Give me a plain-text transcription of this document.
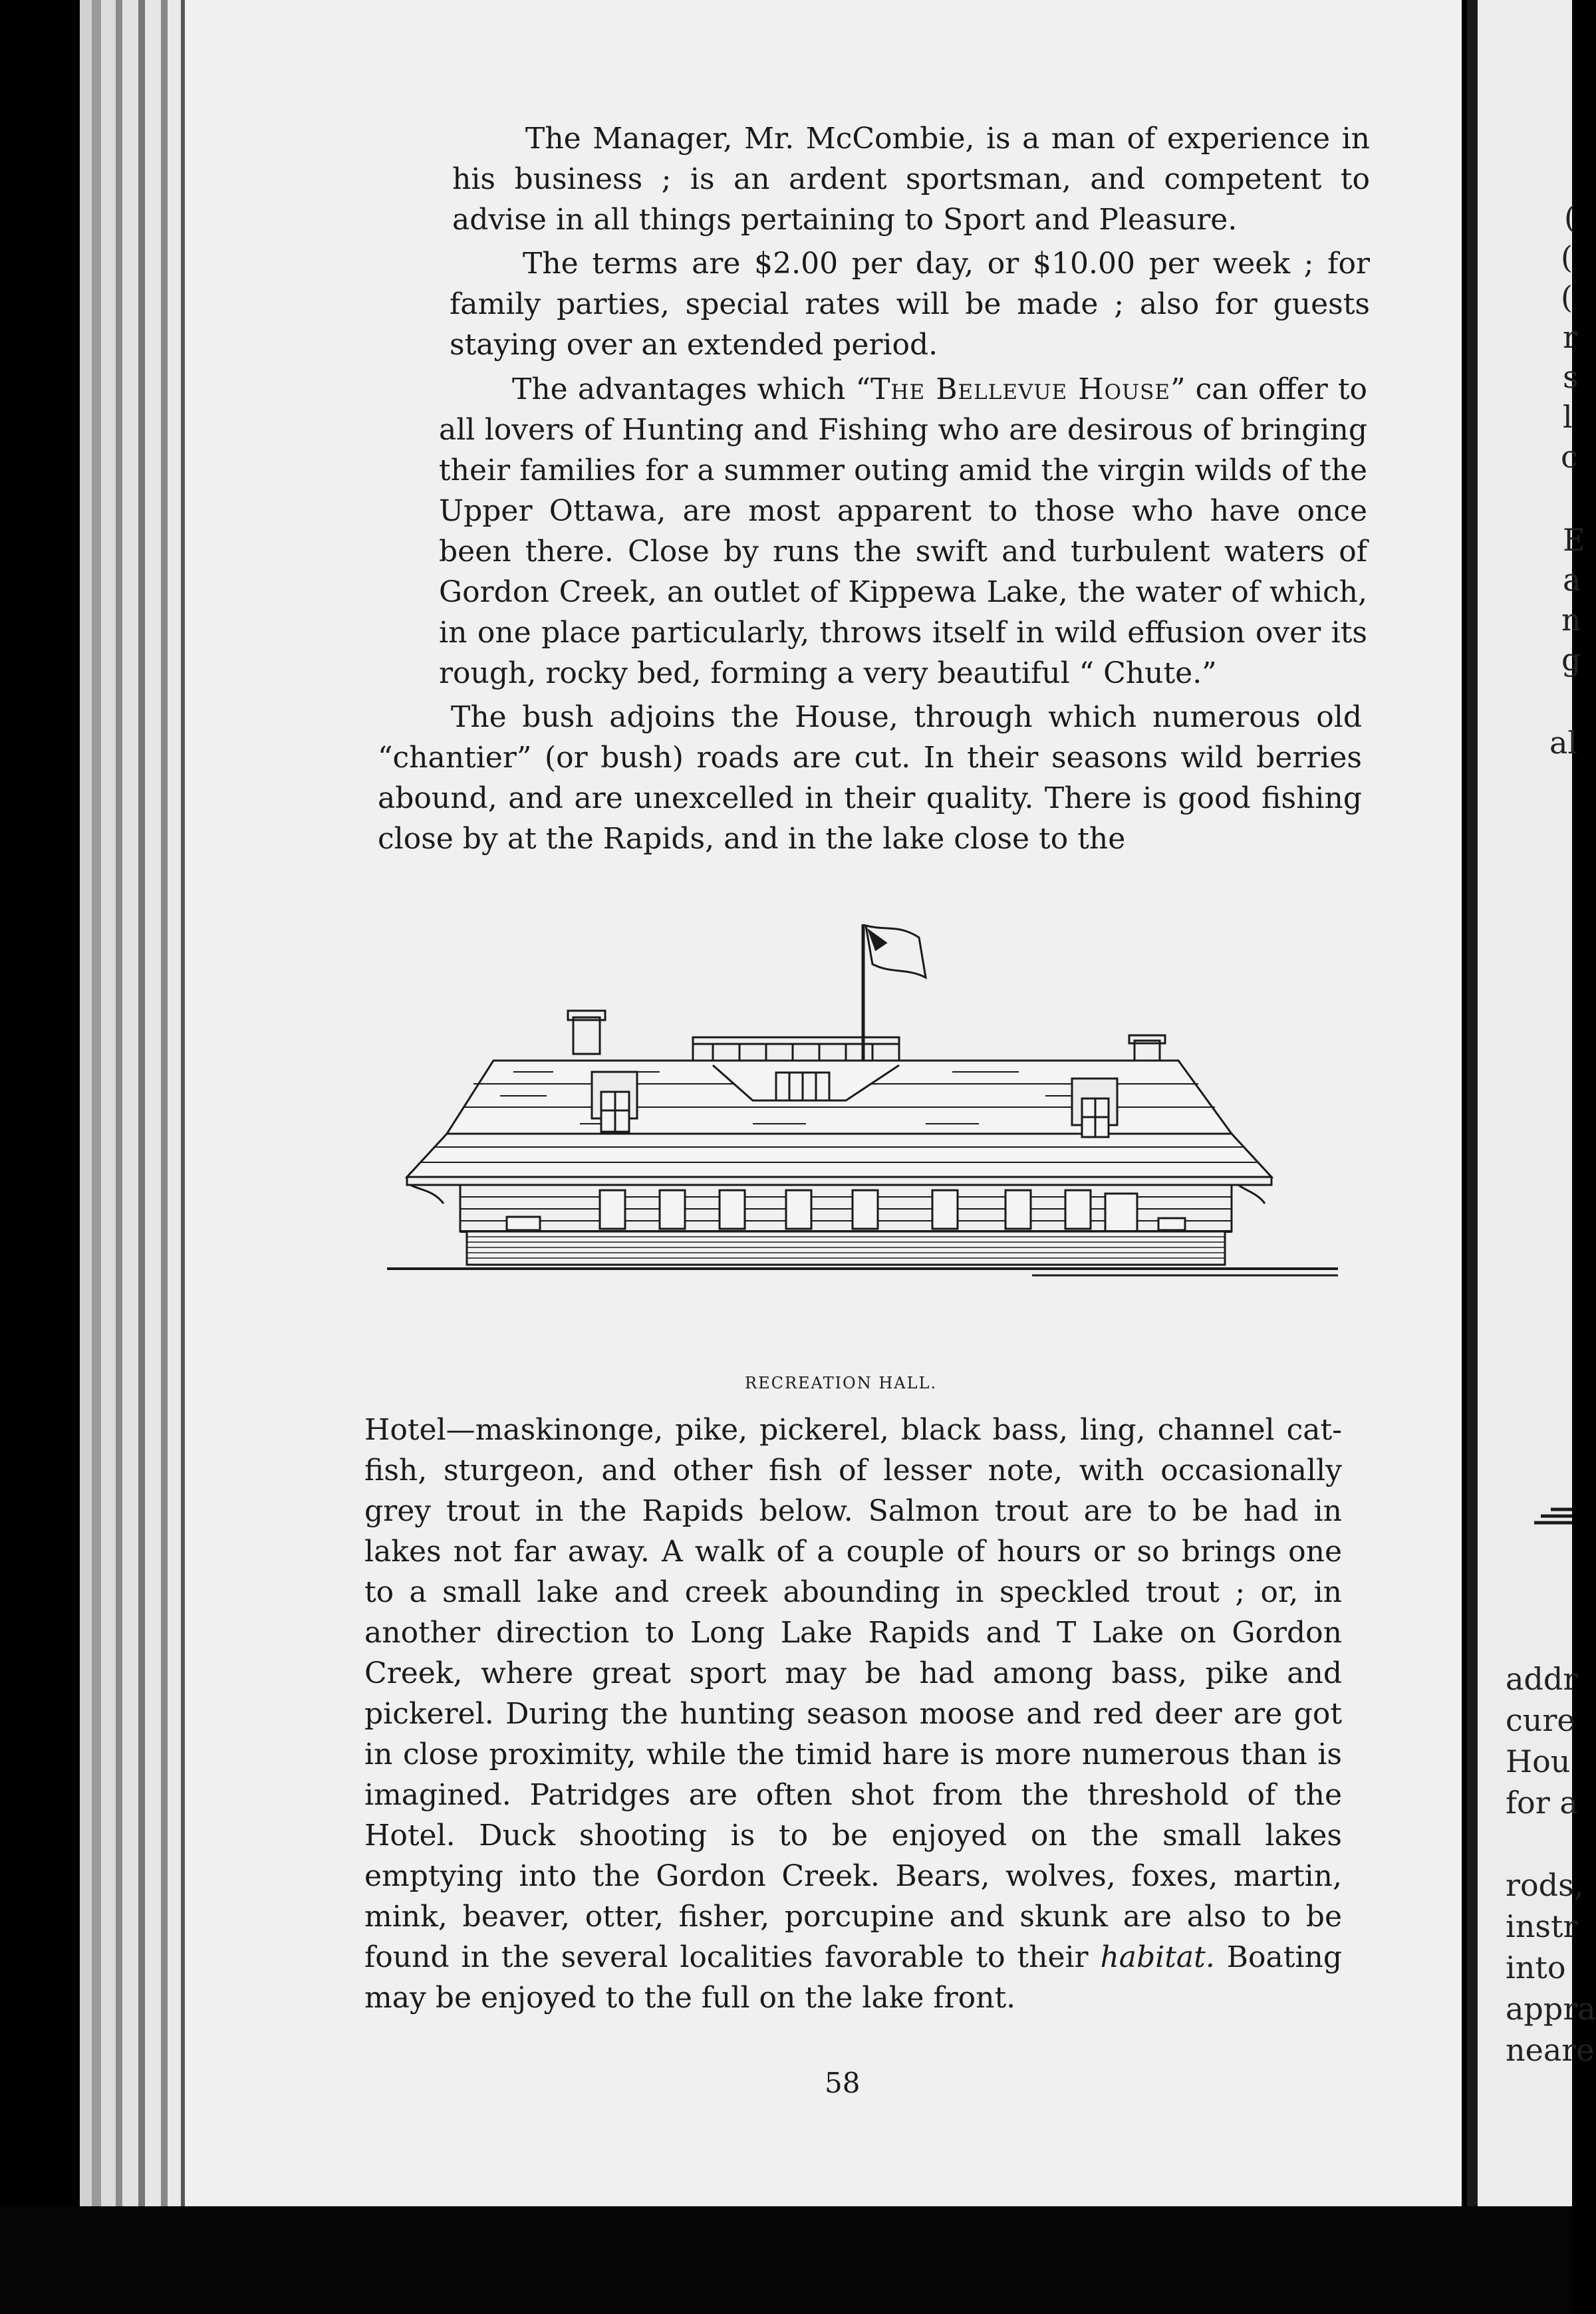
The Manager, Mr. McCombie, is a man of experience in his business ; is an ardent sportsman, and competent to advise in all things pertaining to Sport and Pleasure.

The terms are $2.00 per day, or $10.00 per week ; for family parties, special rates will be made ; also for guests staying over an extended period.

The advantages which “The Bellevue House” can offer to all lovers of Hunting and Fishing who are desirous of bringing their families for a summer outing amid the virgin wilds of the Upper Ottawa, are most apparent to those who have once been there. Close by runs the swift and turbulent waters of Gordon Creek, an outlet of Kippewa Lake, the water of which, in one place particularly, throws itself in wild effusion over its rough, rocky bed, forming a very beautiful “ Chute.”

The bush adjoins the House, through which numerous old “chantier” (or bush) roads are cut. In their seasons wild berries abound, and are unexcelled in their quality. There is good fishing close by at the Rapids, and in the lake close to the

RECREATION HALL.

Hotel—maskinonge, pike, pickerel, black bass, ling, channel cat-fish, sturgeon, and other fish of lesser note, with occasionally grey trout in the Rapids below. Salmon trout are to be had in lakes not far away. A walk of a couple of hours or so brings one to a small lake and creek abounding in speckled trout ; or, in another direction to Long Lake Rapids and T Lake on Gordon Creek, where great sport may be had among bass, pike and pickerel. During the hunting season moose and red deer are got in close proximity, while the timid hare is more numerous than is imagined. Patridges are often shot from the threshold of the Hotel. Duck shooting is to be enjoyed on the small lakes emptying into the Gordon Creek. Bears, wolves, foxes, martin, mink, beaver, otter, fisher, porcupine and skunk are also to be found in the several localities favorable to their habitat. Boating may be enjoyed to the full on the lake front.

58
(
(
(
r
s
l
c
E
a
n
g
al
addr
cure
Hou
for a
rods,
instr
into
appra
neare
